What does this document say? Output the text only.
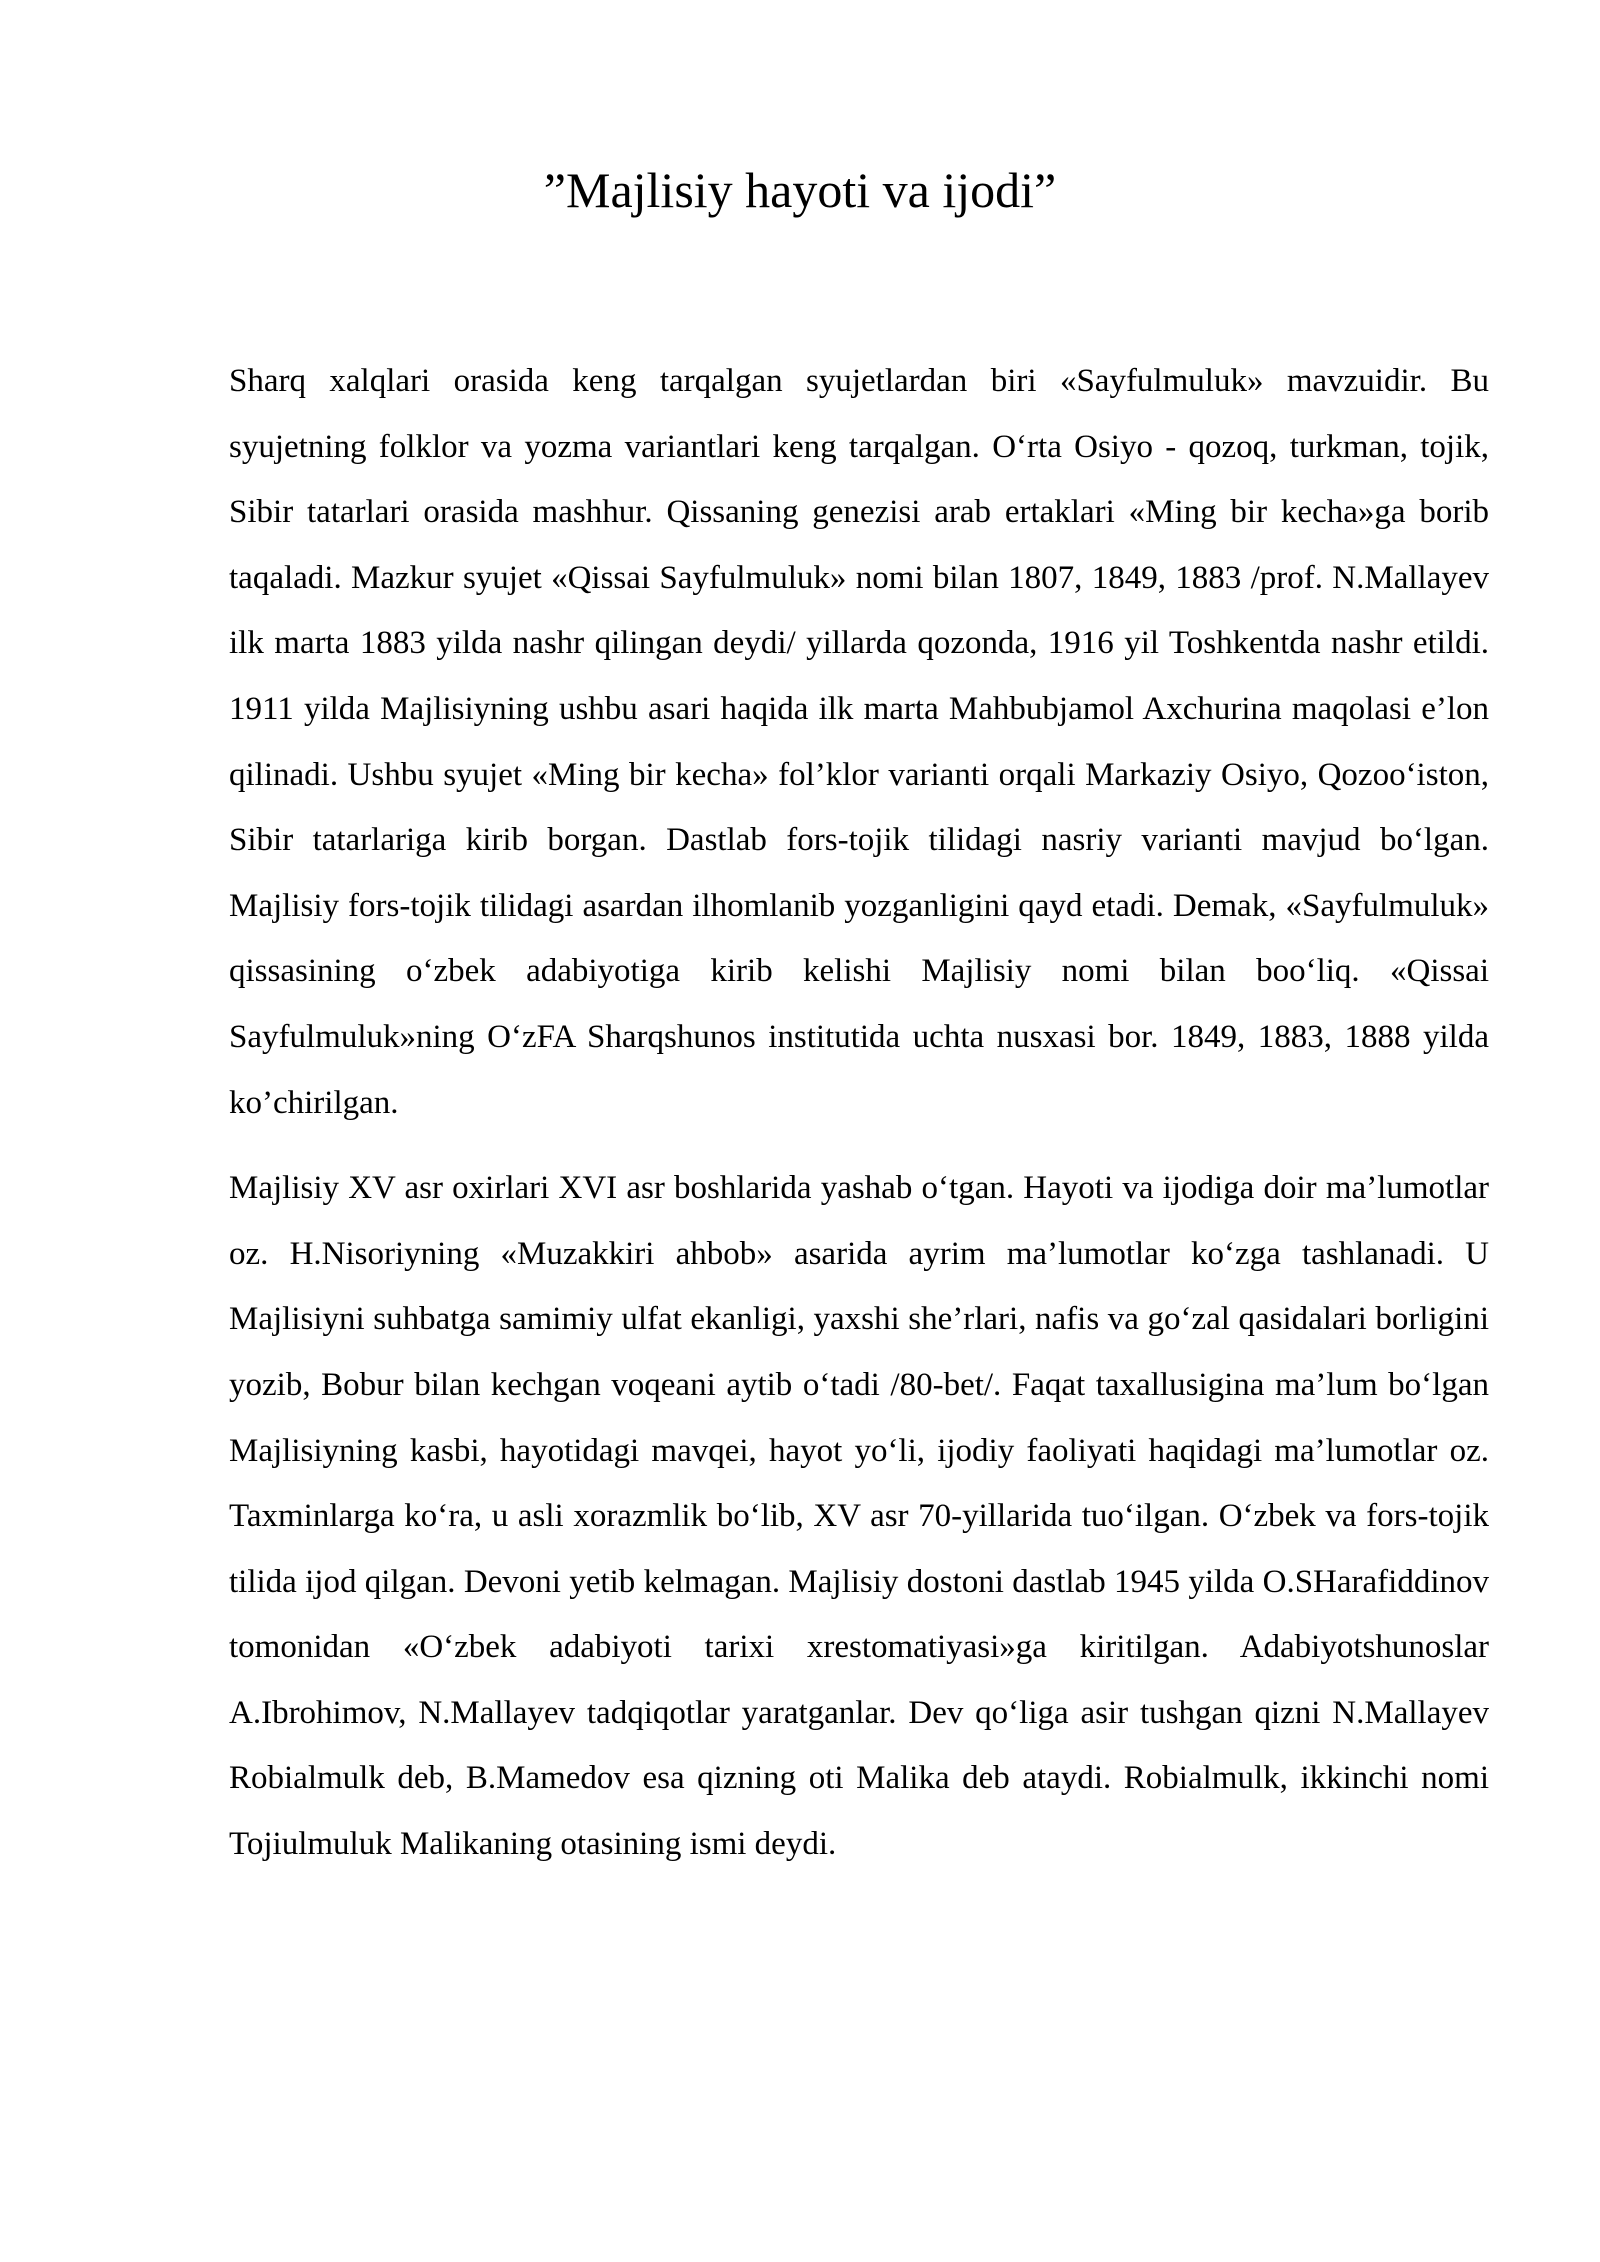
”Majlisiy hayoti va ijodi”

Sharq xalqlari orasida keng tarqalgan syujetlardan biri «Sayfulmuluk» mavzuidir. Bu syujetning folklor va yozma variantlari keng tarqalgan. O‘rta Osiyo - qozoq, turkman, tojik, Sibir tatarlari orasida mashhur. Qissaning genezisi arab ertaklari «Ming bir kecha»ga borib taqaladi. Mazkur syujet «Qissai Sayfulmuluk» nomi bilan 1807, 1849, 1883 /prof. N.Mallayev ilk marta 1883 yilda nashr qilingan deydi/ yillarda qozonda, 1916 yil Toshkentda nashr etildi. 1911 yilda Majlisiyning ushbu asari haqida ilk marta Mahbubjamol Axchurina maqolasi e’lon qilinadi. Ushbu syujet «Ming bir kecha» fol’klor varianti orqali Markaziy Osiyo, Qozoo‘iston, Sibir tatarlariga kirib borgan. Dastlab fors-tojik tilidagi nasriy varianti mavjud bo‘lgan. Majlisiy fors-tojik tilidagi asardan ilhomlanib yozganligini qayd etadi. Demak, «Sayfulmuluk» qissasining o‘zbek adabiyotiga kirib kelishi Majlisiy nomi bilan boo‘liq. «Qissai Sayfulmuluk»ning O‘zFA Sharqshunos institutida uchta nusxasi bor. 1849, 1883, 1888 yilda ko’chirilgan.

Majlisiy XV asr oxirlari XVI asr boshlarida yashab o‘tgan. Hayoti va ijodiga doir ma’lumotlar oz. H.Nisoriyning «Muzakkiri ahbob» asarida ayrim ma’lumotlar ko‘zga tashlanadi. U Majlisiyni suhbatga samimiy ulfat ekanligi, yaxshi she’rlari, nafis va go‘zal qasidalari borligini yozib, Bobur bilan kechgan voqeani aytib o‘tadi /80-bet/. Faqat taxallusigina ma’lum bo‘lgan Majlisiyning kasbi, hayotidagi mavqei, hayot yo‘li, ijodiy faoliyati haqidagi ma’lumotlar oz. Taxminlarga ko‘ra, u asli xorazmlik bo‘lib, XV asr 70-yillarida tuo‘ilgan. O‘zbek va fors-tojik tilida ijod qilgan. Devoni yetib kelmagan. Majlisiy dostoni dastlab 1945 yilda O.SHarafiddinov tomonidan «O‘zbek adabiyoti tarixi xrestomatiyasi»ga kiritilgan. Adabiyotshunoslar A.Ibrohimov, N.Mallayev tadqiqotlar yaratganlar. Dev qo‘liga asir tushgan qizni N.Mallayev Robialmulk deb, B.Mamedov esa qizning oti Malika deb ataydi. Robialmulk, ikkinchi nomi Tojiulmuluk Malikaning otasining ismi deydi.
